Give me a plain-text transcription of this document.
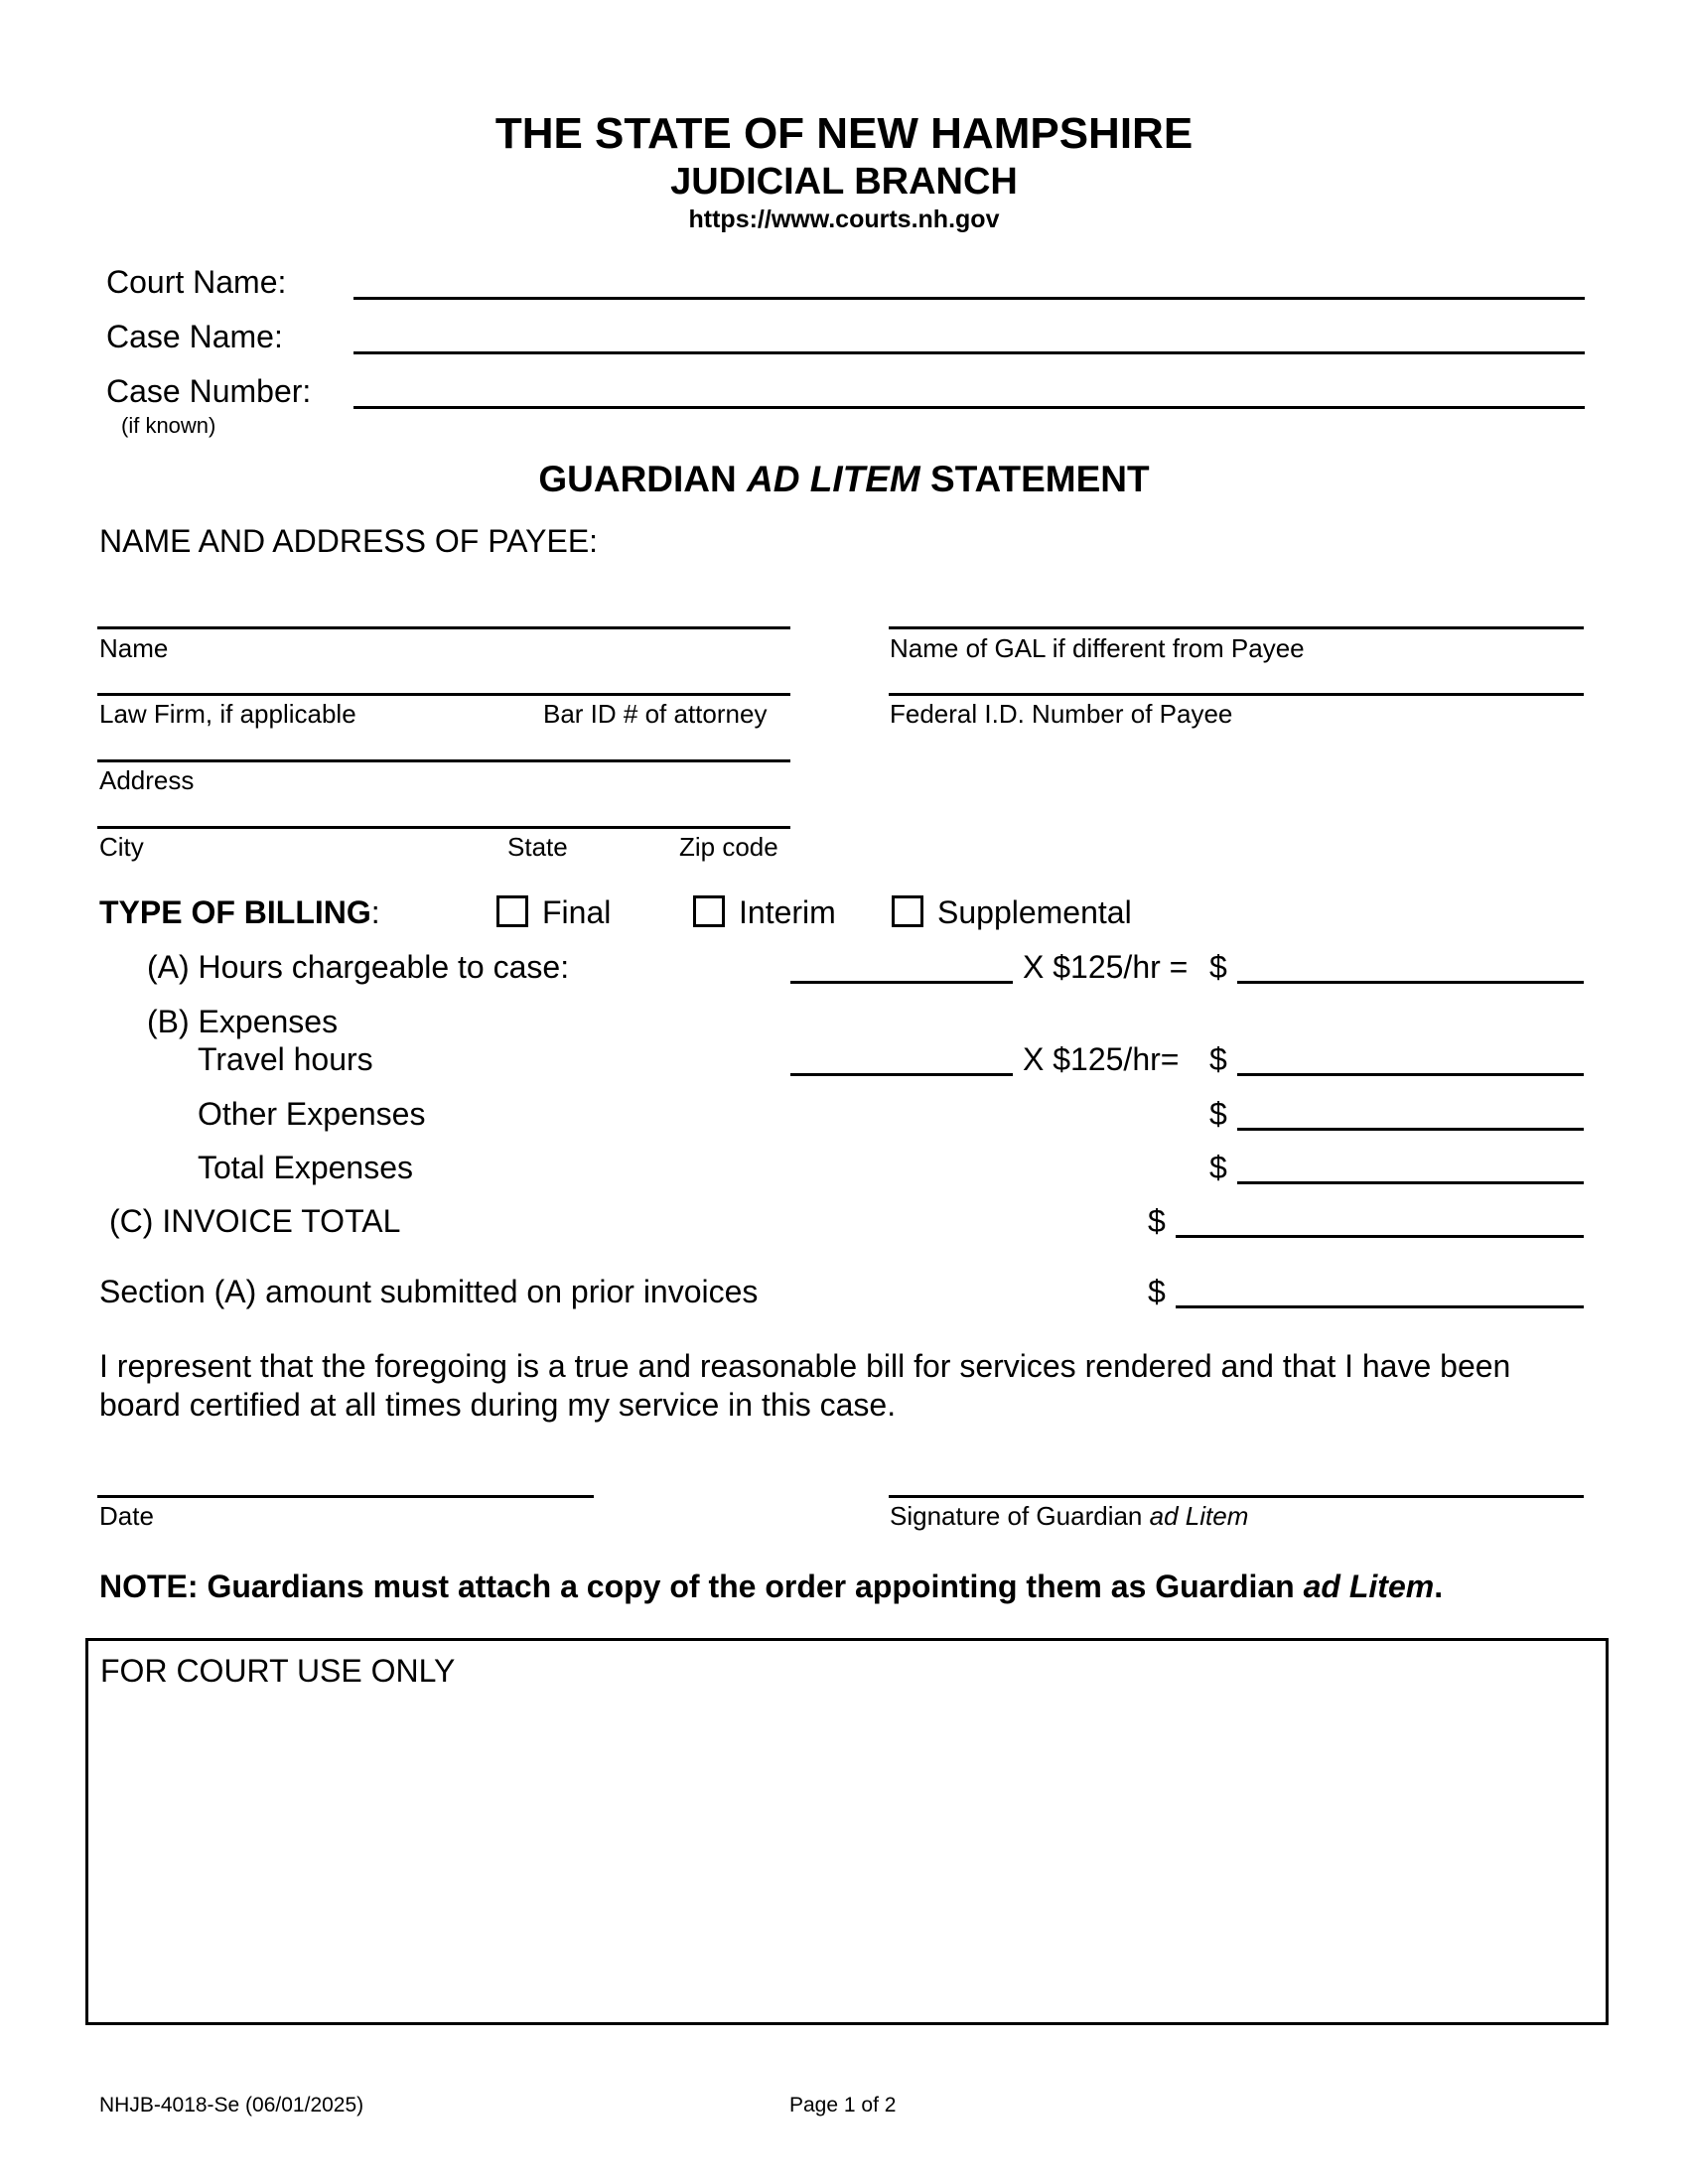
THE STATE OF NEW HAMPSHIRE
JUDICIAL BRANCH
https://www.courts.nh.gov
Court Name:
Case Name:
Case Number:
(if known)
GUARDIAN AD LITEM STATEMENT
NAME AND ADDRESS OF PAYEE:
Name	Name of GAL if different from Payee
Law Firm, if applicable	Bar ID # of attorney	Federal I.D. Number of Payee
Address
City	State	Zip code
TYPE OF BILLING:	Final	Interim	Supplemental
(A) Hours chargeable to case:	X $125/hr = $
(B) Expenses
Travel hours	X $125/hr= $
Other Expenses	$
Total Expenses	$
(C) INVOICE TOTAL	$
Section (A) amount submitted on prior invoices	$
I represent that the foregoing is a true and reasonable bill for services rendered and that I have been
board certified at all times during my service in this case.
Date	Signature of Guardian ad Litem
NOTE: Guardians must attach a copy of the order appointing them as Guardian ad Litem.
FOR COURT USE ONLY
NHJB-4018-Se (06/01/2025)	Page 1 of 2
